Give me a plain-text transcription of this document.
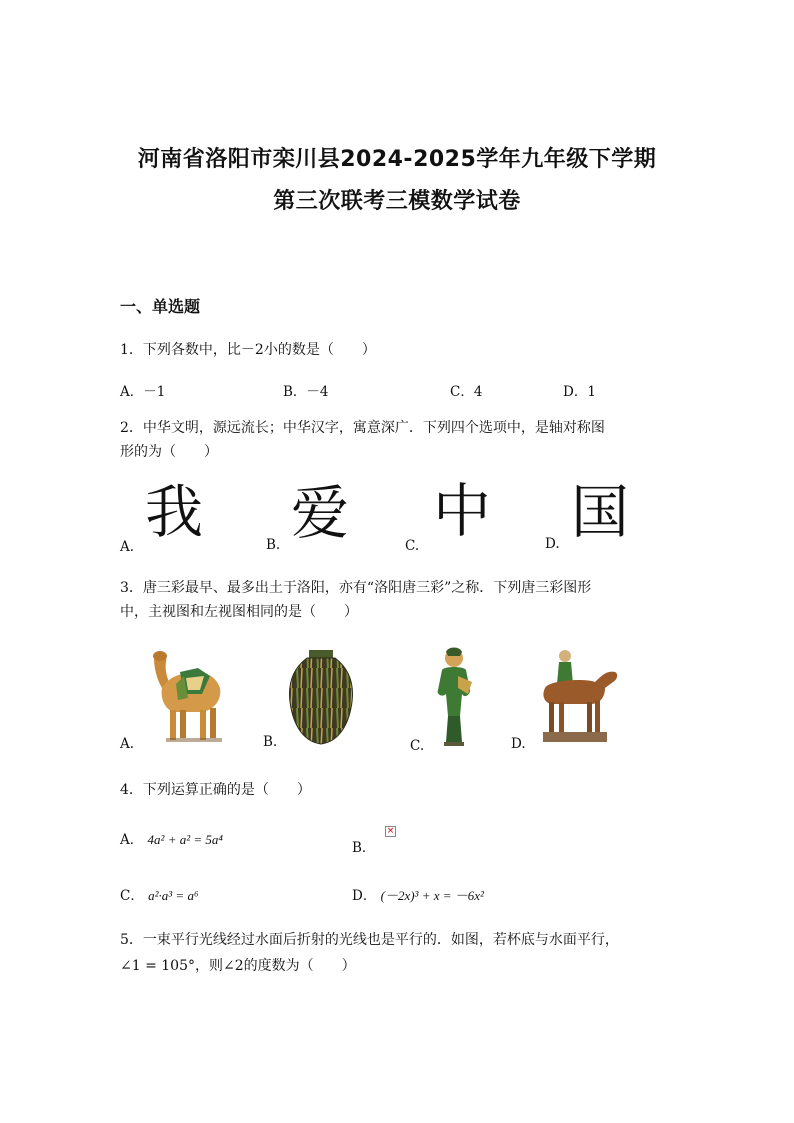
河南省洛阳市栾川县2024-2025学年九年级下学期
第三次联考三模数学试卷
一、单选题
1．下列各数中，比－2小的数是（　　）
A．－1	B．－4	C．4	D．1
2．中华文明，源远流长；中华汉字，寓意深广．下列四个选项中，是轴对称图
形的为（　　）
A.
我	B. 爱	C.
中	D. 国
3．唐三彩最早、最多出土于洛阳，亦有“洛阳唐三彩”之称．下列唐三彩图形
中，主视图和左视图相同的是（　　）
A.	B.	C.	D.
4．下列运算正确的是（　　）
A． 4a² + a² = 5a⁴
B．
×
C． a²·a³ = a⁶	D． (－2x)³ + x = －6x²
5．一束平行光线经过水面后折射的光线也是平行的．如图，若杯底与水面平行，
∠1 = 105°，则∠2的度数为（　　）
